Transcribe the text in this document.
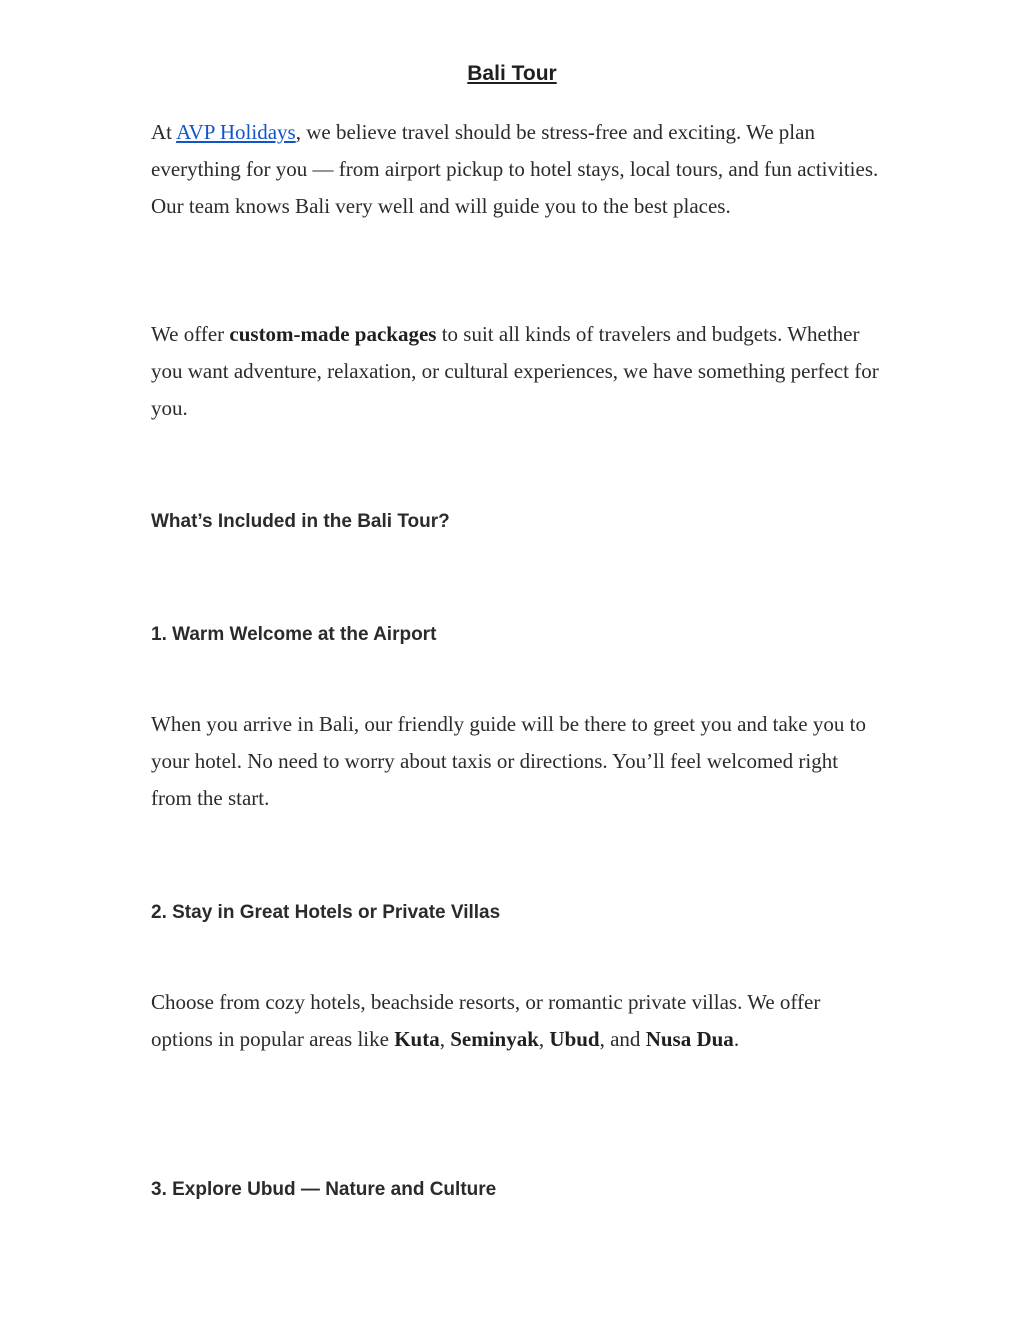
Bali Tour

At AVP Holidays, we believe travel should be stress-free and exciting. We plan everything for you — from airport pickup to hotel stays, local tours, and fun activities. Our team knows Bali very well and will guide you to the best places.

We offer custom-made packages to suit all kinds of travelers and budgets. Whether you want adventure, relaxation, or cultural experiences, we have something perfect for you.

What’s Included in the Bali Tour?
1. Warm Welcome at the Airport

When you arrive in Bali, our friendly guide will be there to greet you and take you to your hotel. No need to worry about taxis or directions. You’ll feel welcomed right from the start.

2. Stay in Great Hotels or Private Villas

Choose from cozy hotels, beachside resorts, or romantic private villas. We offer options in popular areas like Kuta, Seminyak, Ubud, and Nusa Dua.

3. Explore Ubud — Nature and Culture
